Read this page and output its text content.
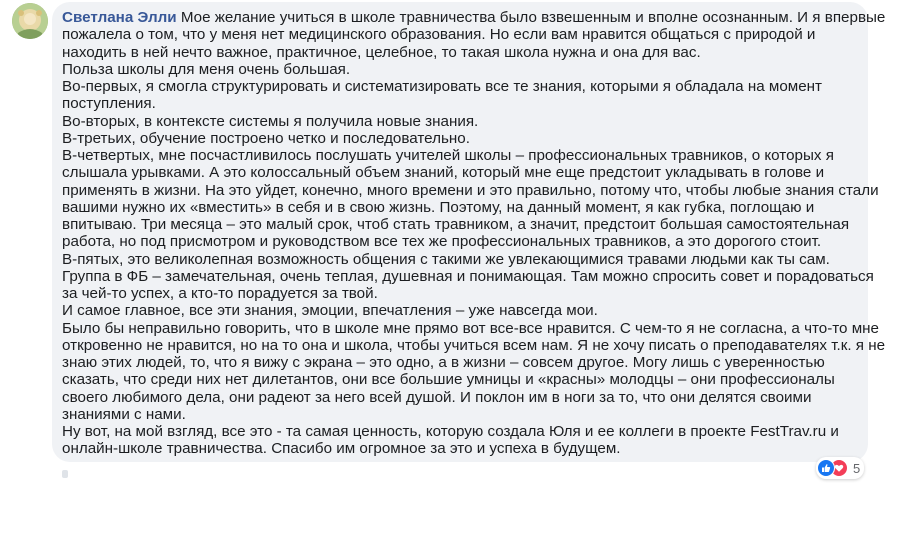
Светлана Элли Мое желание учиться в школе травничества было взвешенным и вполне осознанным. И я впервые
пожалела о том, что у меня нет медицинского образования. Но если вам нравится общаться с природой и
находить в ней нечто важное, практичное, целебное, то такая школа нужна и она для вас.
Польза школы для меня очень большая.
Во-первых, я смогла структурировать и систематизировать все те знания, которыми я обладала на момент
поступления.
Во-вторых, в контексте системы я получила новые знания.
В-третьих, обучение построено четко и последовательно.
В-четвертых, мне посчастливилось послушать учителей школы – профессиональных травников, о которых я
слышала урывками. А это колоссальный объем знаний, который мне еще предстоит укладывать в голове и
применять в жизни. На это уйдет, конечно, много времени и это правильно, потому что, чтобы любые знания стали
вашими нужно их «вместить» в себя и в свою жизнь. Поэтому, на данный момент, я как губка, поглощаю и
впитываю. Три месяца – это малый срок, чтоб стать травником, а значит, предстоит большая самостоятельная
работа, но под присмотром и руководством все тех же профессиональных травников, а это дорогого стоит.
В-пятых, это великолепная возможность общения с такими же увлекающимися травами людьми как ты сам.
Группа в ФБ – замечательная, очень теплая, душевная и понимающая. Там можно спросить совет и порадоваться
за чей-то успех, а кто-то порадуется за твой.
И самое главное, все эти знания, эмоции, впечатления – уже навсегда мои.
Было бы неправильно говорить, что в школе мне прямо вот все-все нравится. С чем-то я не согласна, а что-то мне
откровенно не нравится, но на то она и школа, чтобы учиться всем нам. Я не хочу писать о преподавателях т.к. я не
знаю этих людей, то, что я вижу с экрана – это одно, а в жизни – совсем другое. Могу лишь с уверенностью
сказать, что среди них нет дилетантов, они все большие умницы и «красны» молодцы – они профессионалы
своего любимого дела, они радеют за него всей душой. И поклон им в ноги за то, что они делятся своими
знаниями с нами.
Ну вот, на мой взгляд, все это - та самая ценность, которую создала Юля и ее коллеги в проекте FestTrav.ru и
онлайн-школе травничества. Спасибо им огромное за это и успеха в будущем.

5
